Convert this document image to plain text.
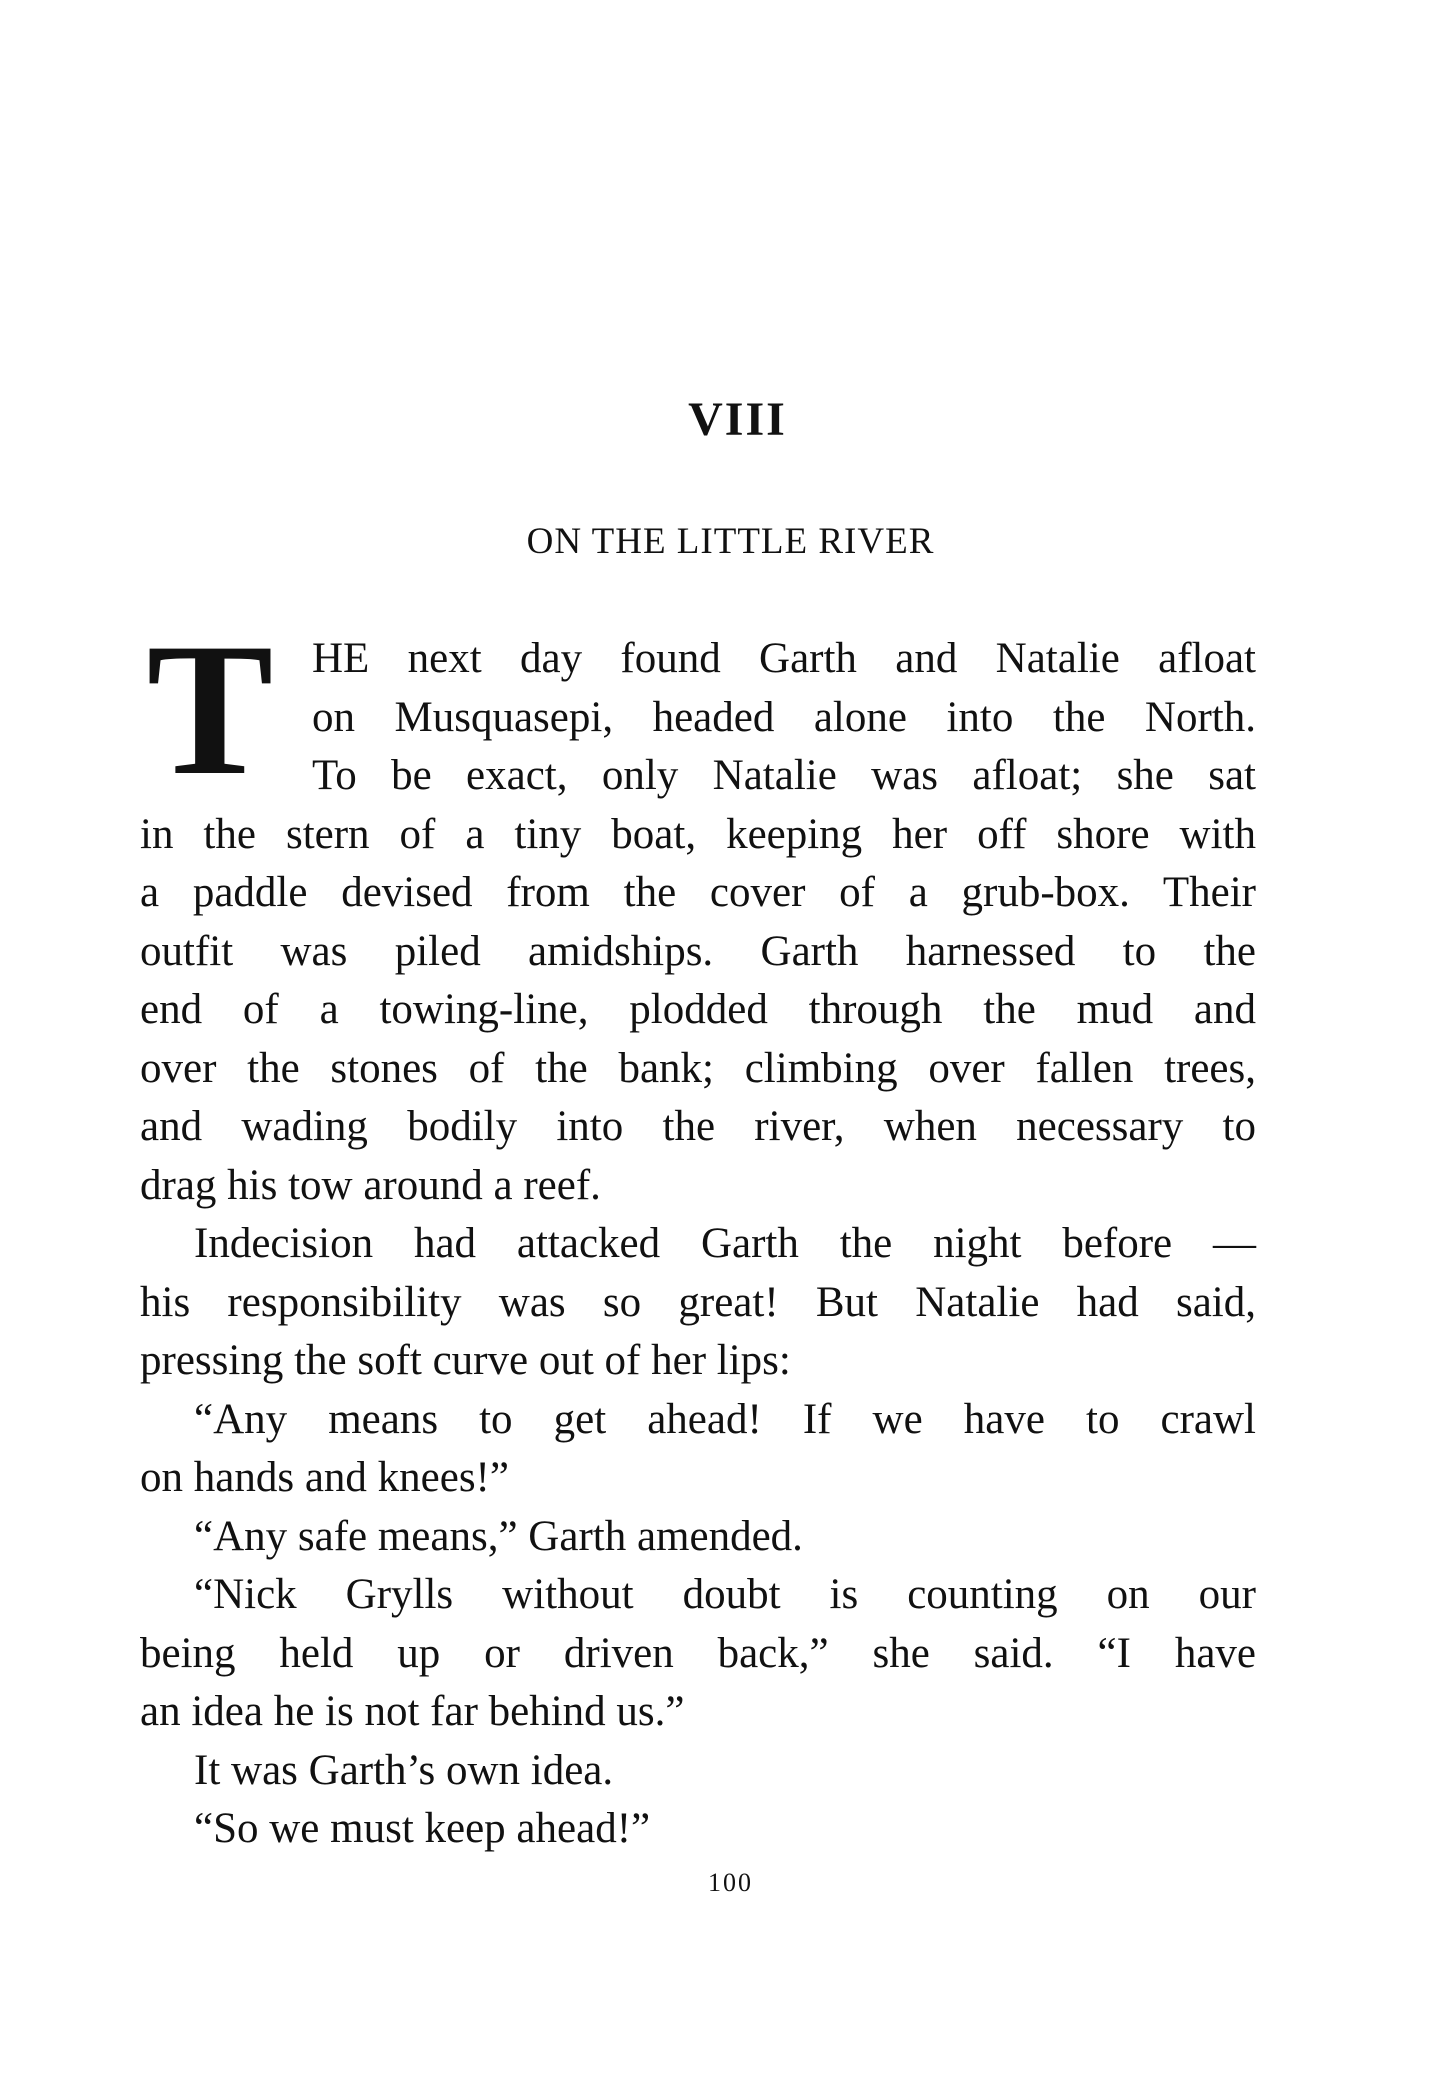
VIII
ON THE LITTLE RIVER
T HE next day found Garth and Natalie afloat
on Musquasepi, headed alone into the North.
To be exact, only Natalie was afloat; she sat
in the stern of a tiny boat, keeping her off shore with
a paddle devised from the cover of a grub-box. Their
outfit was piled amidships. Garth harnessed to the
end of a towing-line, plodded through the mud and
over the stones of the bank; climbing over fallen trees,
and wading bodily into the river, when necessary to
drag his tow around a reef.
Indecision had attacked Garth the night before —
his responsibility was so great! But Natalie had said,
pressing the soft curve out of her lips:
“Any means to get ahead! If we have to crawl
on hands and knees!”
“Any safe means,” Garth amended.
“Nick Grylls without doubt is counting on our
being held up or driven back,” she said. “I have
an idea he is not far behind us.”
It was Garth’s own idea.
“So we must keep ahead!”
100
